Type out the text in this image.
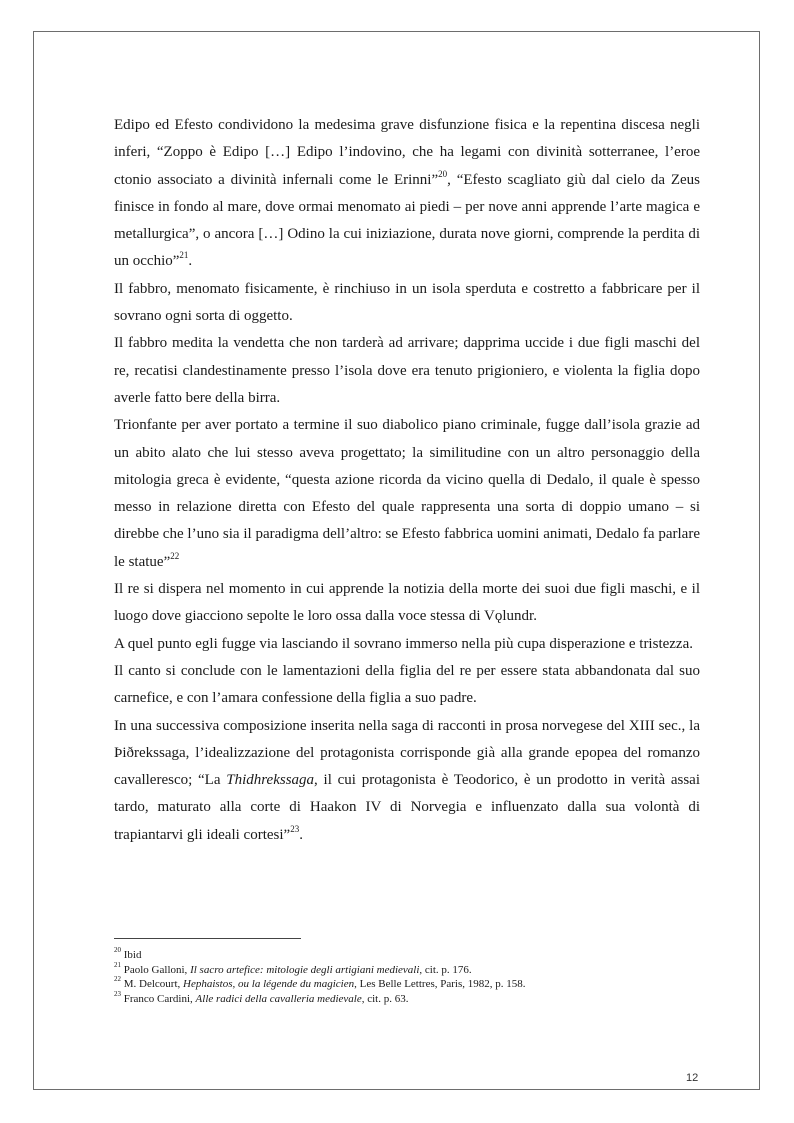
Edipo ed Efesto condividono la medesima grave disfunzione fisica e la repentina discesa negli inferi, “Zoppo è Edipo […] Edipo l’indovino, che ha legami con divinità sotterranee, l’eroe ctonio associato a divinità infernali come le Erinni”$^{20}$, “Efesto scagliato giù dal cielo da Zeus finisce in fondo al mare, dove ormai menomato ai piedi – per nove anni apprende l’arte magica e metallurgica”, o ancora […] Odino la cui iniziazione, durata nove giorni, comprende la perdita di un occhio”$^{21}$.

Il fabbro, menomato fisicamente, è rinchiuso in un isola sperduta e costretto a fabbricare per il sovrano ogni sorta di oggetto.

Il fabbro medita la vendetta che non tarderà ad arrivare; dapprima uccide i due figli maschi del re, recatisi clandestinamente presso l’isola dove era tenuto prigioniero, e violenta la figlia dopo averle fatto bere della birra.

Trionfante per aver portato a termine il suo diabolico piano criminale, fugge dall’isola grazie ad un abito alato che lui stesso aveva progettato; la similitudine con un altro personaggio della mitologia greca è evidente, “questa azione ricorda da vicino quella di Dedalo, il quale è spesso messo in relazione diretta con Efesto del quale rappresenta una sorta di doppio umano – si direbbe che l’uno sia il paradigma dell’altro: se Efesto fabbrica uomini animati, Dedalo fa parlare le statue”$^{22}$

Il re si dispera nel momento in cui apprende la notizia della morte dei suoi due figli maschi, e il luogo dove giacciono sepolte le loro ossa dalla voce stessa di Vǫlundr.

A quel punto egli fugge via lasciando il sovrano immerso nella più cupa disperazione e tristezza.

Il canto si conclude con le lamentazioni della figlia del re per essere stata abbandonata dal suo carnefice, e con l’amara confessione della figlia a suo padre.

In una successiva composizione inserita nella saga di racconti in prosa norvegese del XIII sec., la Þiðrekssaga, l’idealizzazione del protagonista corrisponde già alla grande epopea del romanzo cavalleresco; “La Thidhrekssaga, il cui protagonista è Teodorico, è un prodotto in verità assai tardo, maturato alla corte di Haakon IV di Norvegia e influenzato dalla sua volontà di trapiantarvi gli ideali cortesi”$^{23}$.

$^{20}$ Ibid
$^{21}$ Paolo Galloni, Il sacro artefice: mitologie degli artigiani medievali, cit. p. 176.
$^{22}$ M. Delcourt, Hephaistos, ou la légende du magicien, Les Belle Lettres, Paris, 1982, p. 158.
$^{23}$ Franco Cardini, Alle radici della cavalleria medievale, cit. p. 63.
12
